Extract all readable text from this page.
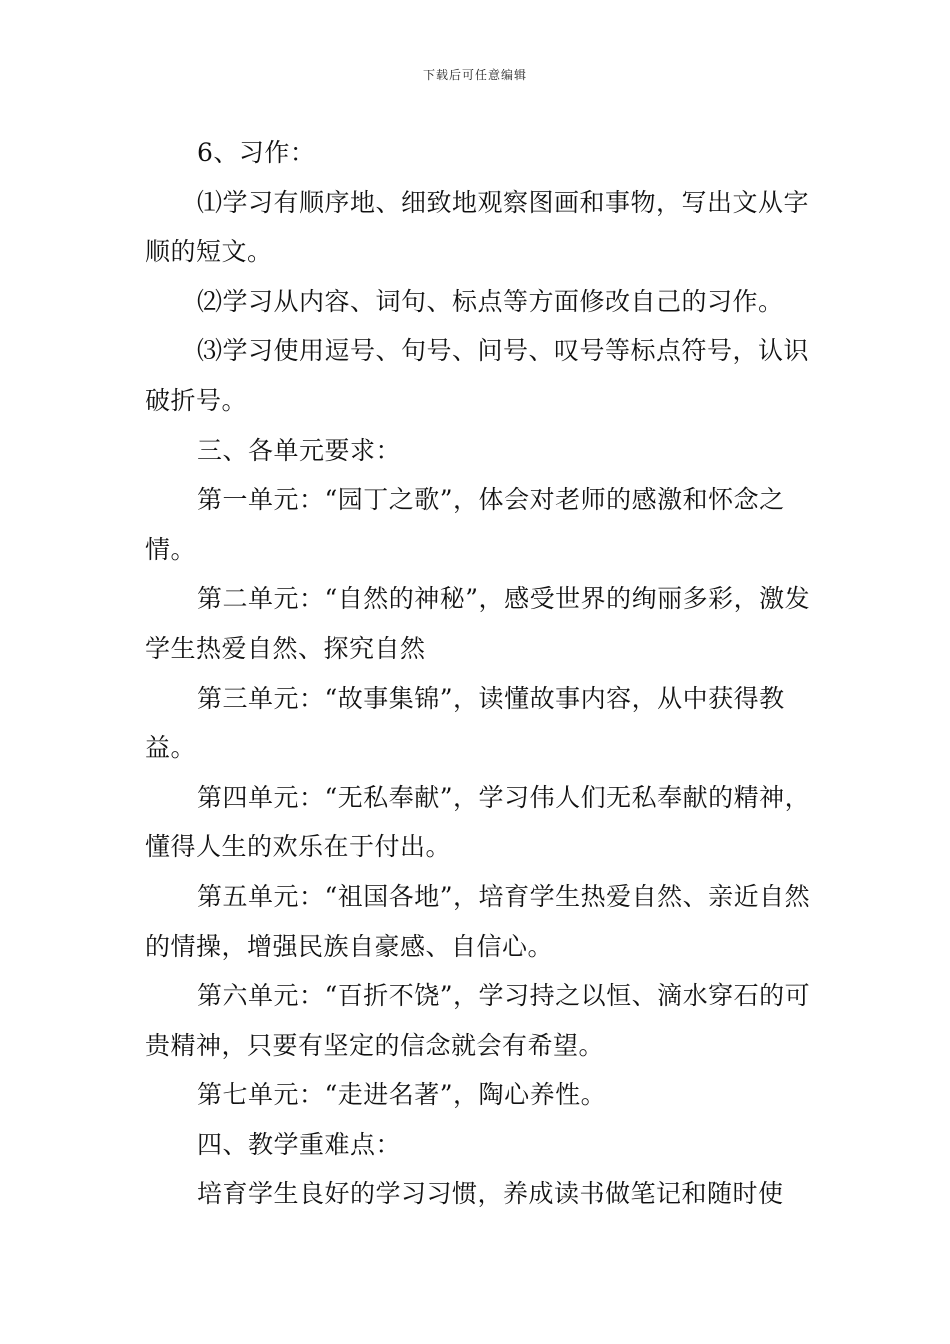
下载后可任意编辑

6、习作：

⑴学习有顺序地、细致地观察图画和事物，写出文从字顺的短文。

⑵学习从内容、词句、标点等方面修改自己的习作。

⑶学习使用逗号、句号、问号、叹号等标点符号，认识破折号。

三、各单元要求：

第一单元：“园丁之歌”，体会对老师的感激和怀念之情。

第二单元：“自然的神秘”，感受世界的绚丽多彩，激发学生热爱自然、探究自然

第三单元：“故事集锦”，读懂故事内容，从中获得教益。

第四单元：“无私奉献”，学习伟人们无私奉献的精神，懂得人生的欢乐在于付出。

第五单元：“祖国各地”，培育学生热爱自然、亲近自然的情操，增强民族自豪感、自信心。

第六单元：“百折不饶”，学习持之以恒、滴水穿石的可贵精神，只要有坚定的信念就会有希望。

第七单元：“走进名著”，陶心养性。

四、教学重难点：

培育学生良好的学习习惯，养成读书做笔记和随时使
